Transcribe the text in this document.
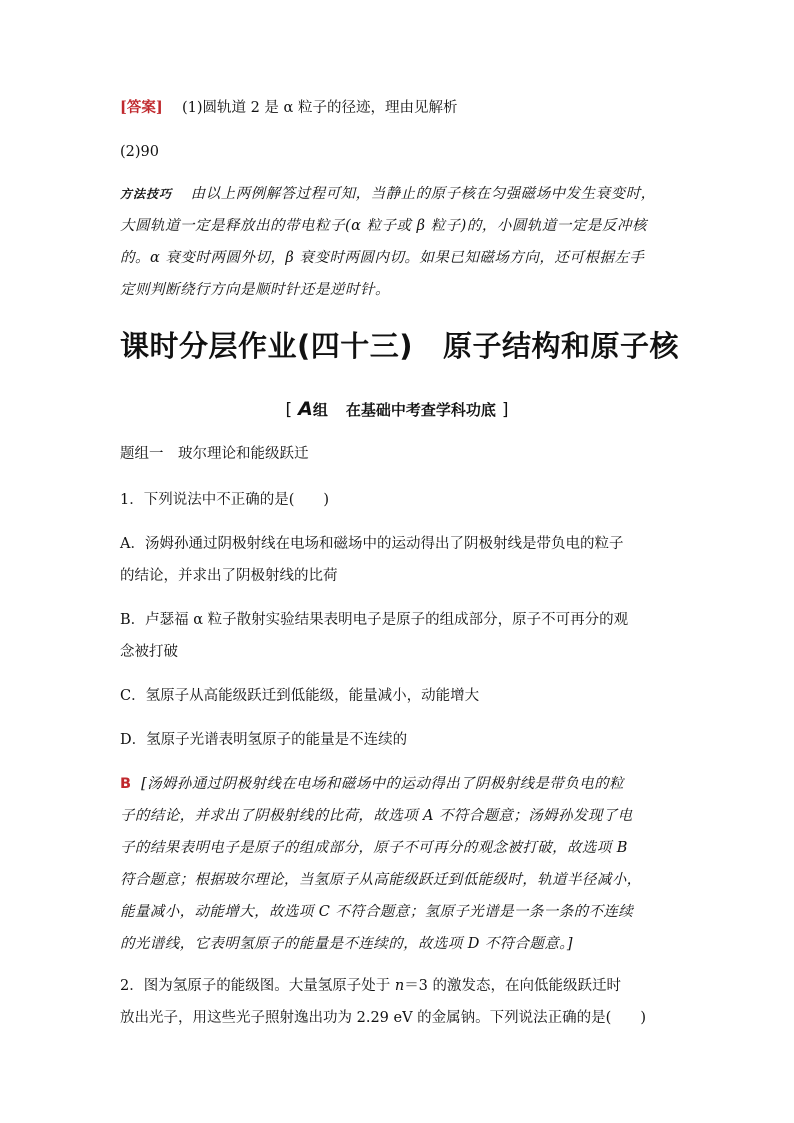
[答案] (1)圆轨道 2 是 α 粒子的径迹，理由见解析
(2)90
方法技巧 由以上两例解答过程可知，当静止的原子核在匀强磁场中发生衰变时，
大圆轨道一定是释放出的带电粒子(α 粒子或 β 粒子)的，小圆轨道一定是反冲核
的。α 衰变时两圆外切，β 衰变时两圆内切。如果已知磁场方向，还可根据左手
定则判断绕行方向是顺时针还是逆时针。
课时分层作业(四十三) 原子结构和原子核
[ A组 在基础中考查学科功底 ]
题组一　玻尔理论和能级跃迁
1．下列说法中不正确的是(　　)
A．汤姆孙通过阴极射线在电场和磁场中的运动得出了阴极射线是带负电的粒子
的结论，并求出了阴极射线的比荷
B．卢瑟福 α 粒子散射实验结果表明电子是原子的组成部分，原子不可再分的观
念被打破
C．氢原子从高能级跃迁到低能级，能量减小，动能增大
D．氢原子光谱表明氢原子的能量是不连续的
B [汤姆孙通过阴极射线在电场和磁场中的运动得出了阴极射线是带负电的粒
子的结论，并求出了阴极射线的比荷，故选项 A 不符合题意；汤姆孙发现了电
子的结果表明电子是原子的组成部分，原子不可再分的观念被打破，故选项 B
符合题意；根据玻尔理论，当氢原子从高能级跃迁到低能级时，轨道半径减小，
能量减小，动能增大，故选项 C 不符合题意；氢原子光谱是一条一条的不连续
的光谱线，它表明氢原子的能量是不连续的，故选项 D 不符合题意。]
2．图为氢原子的能级图。大量氢原子处于 n＝3 的激发态，在向低能级跃迁时
放出光子，用这些光子照射逸出功为 2.29 eV 的金属钠。下列说法正确的是(　　)
